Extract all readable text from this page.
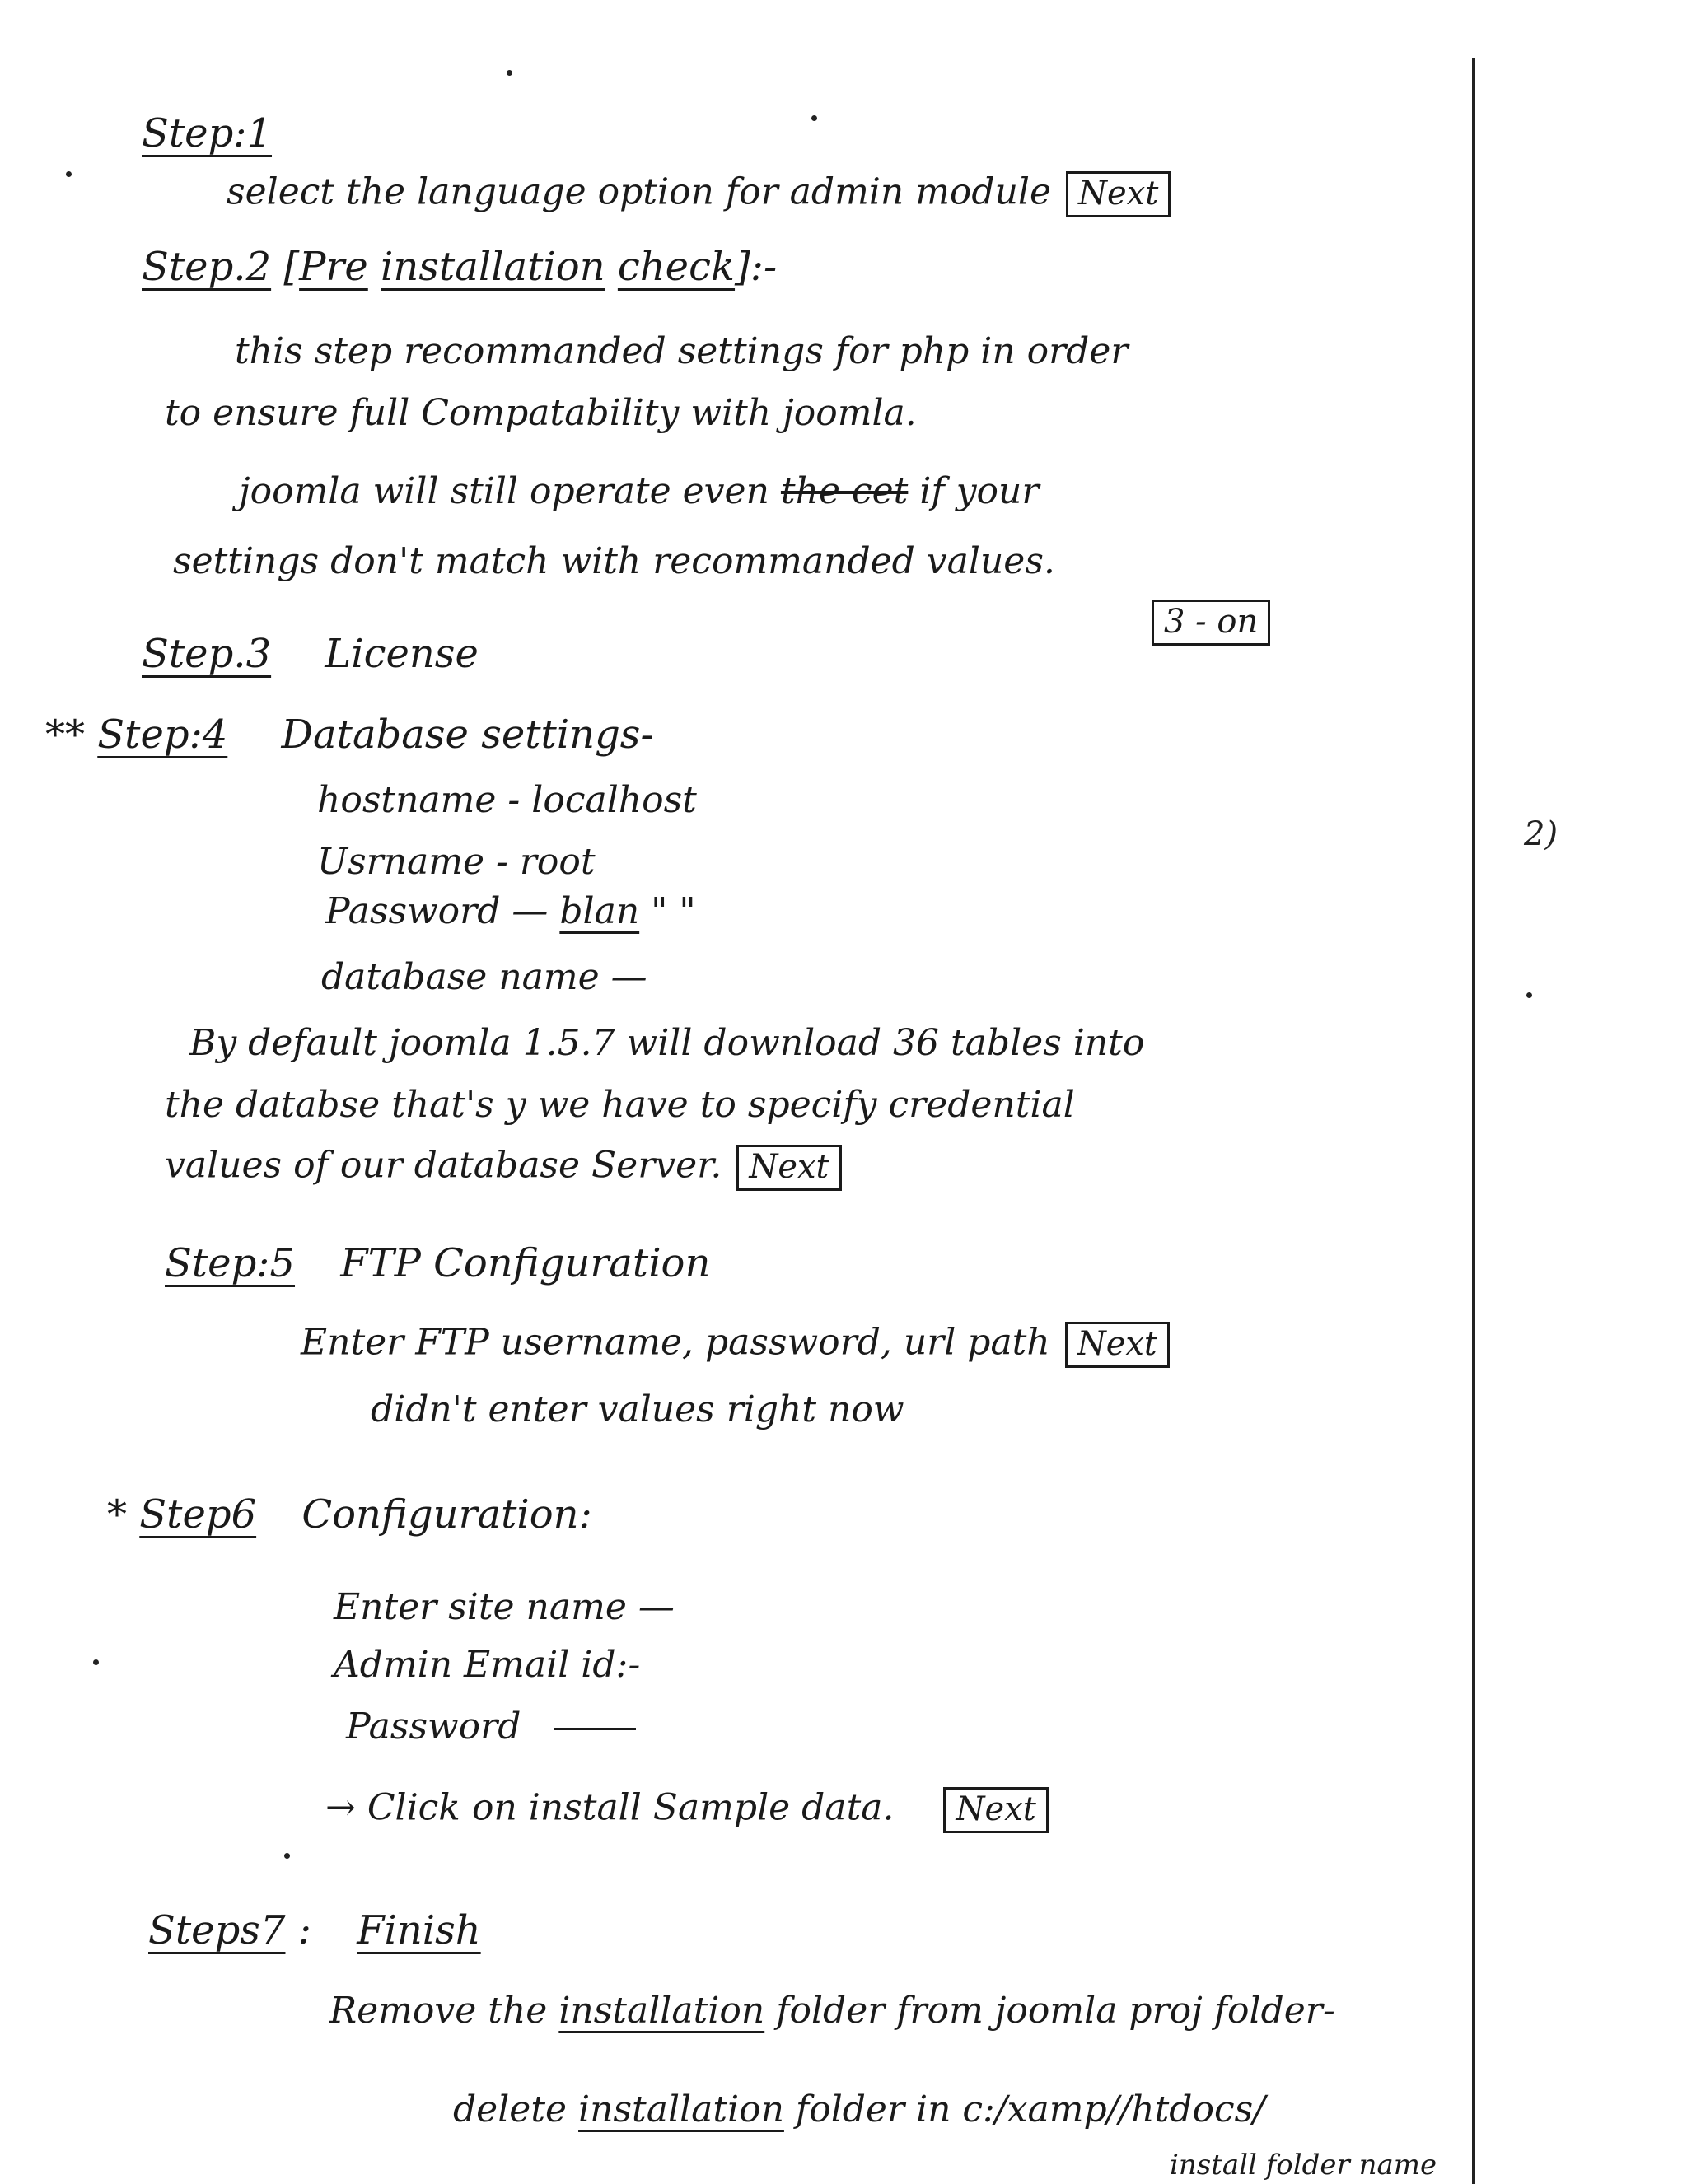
2)
Step:1
select the language option for admin module Next
Step.2 [Pre installation check]:-
this step recommanded settings for php in order
to ensure full Compatability with joomla.
joomla will still operate even the cet if your
settings don't match with recommanded values.
3 - on
Step.3 License
** Step:4 Database settings-
hostname - localhost
Usrname - root
Password — blan " "
database name —
By default joomla 1.5.7 will download 36 tables into
the databse that's y we have to specify credential
values of our database Server. Next
Step:5 FTP Configuration
Enter FTP username, password, url path Next
didn't enter values right now
* Step6 Configuration:
Enter site name —
Admin Email id:-
Password
→ Click on install Sample data. Next
Steps7 : Finish
Remove the installation folder from joomla proj folder-
delete installation folder in c:/xamp//htdocs/
install folder name
